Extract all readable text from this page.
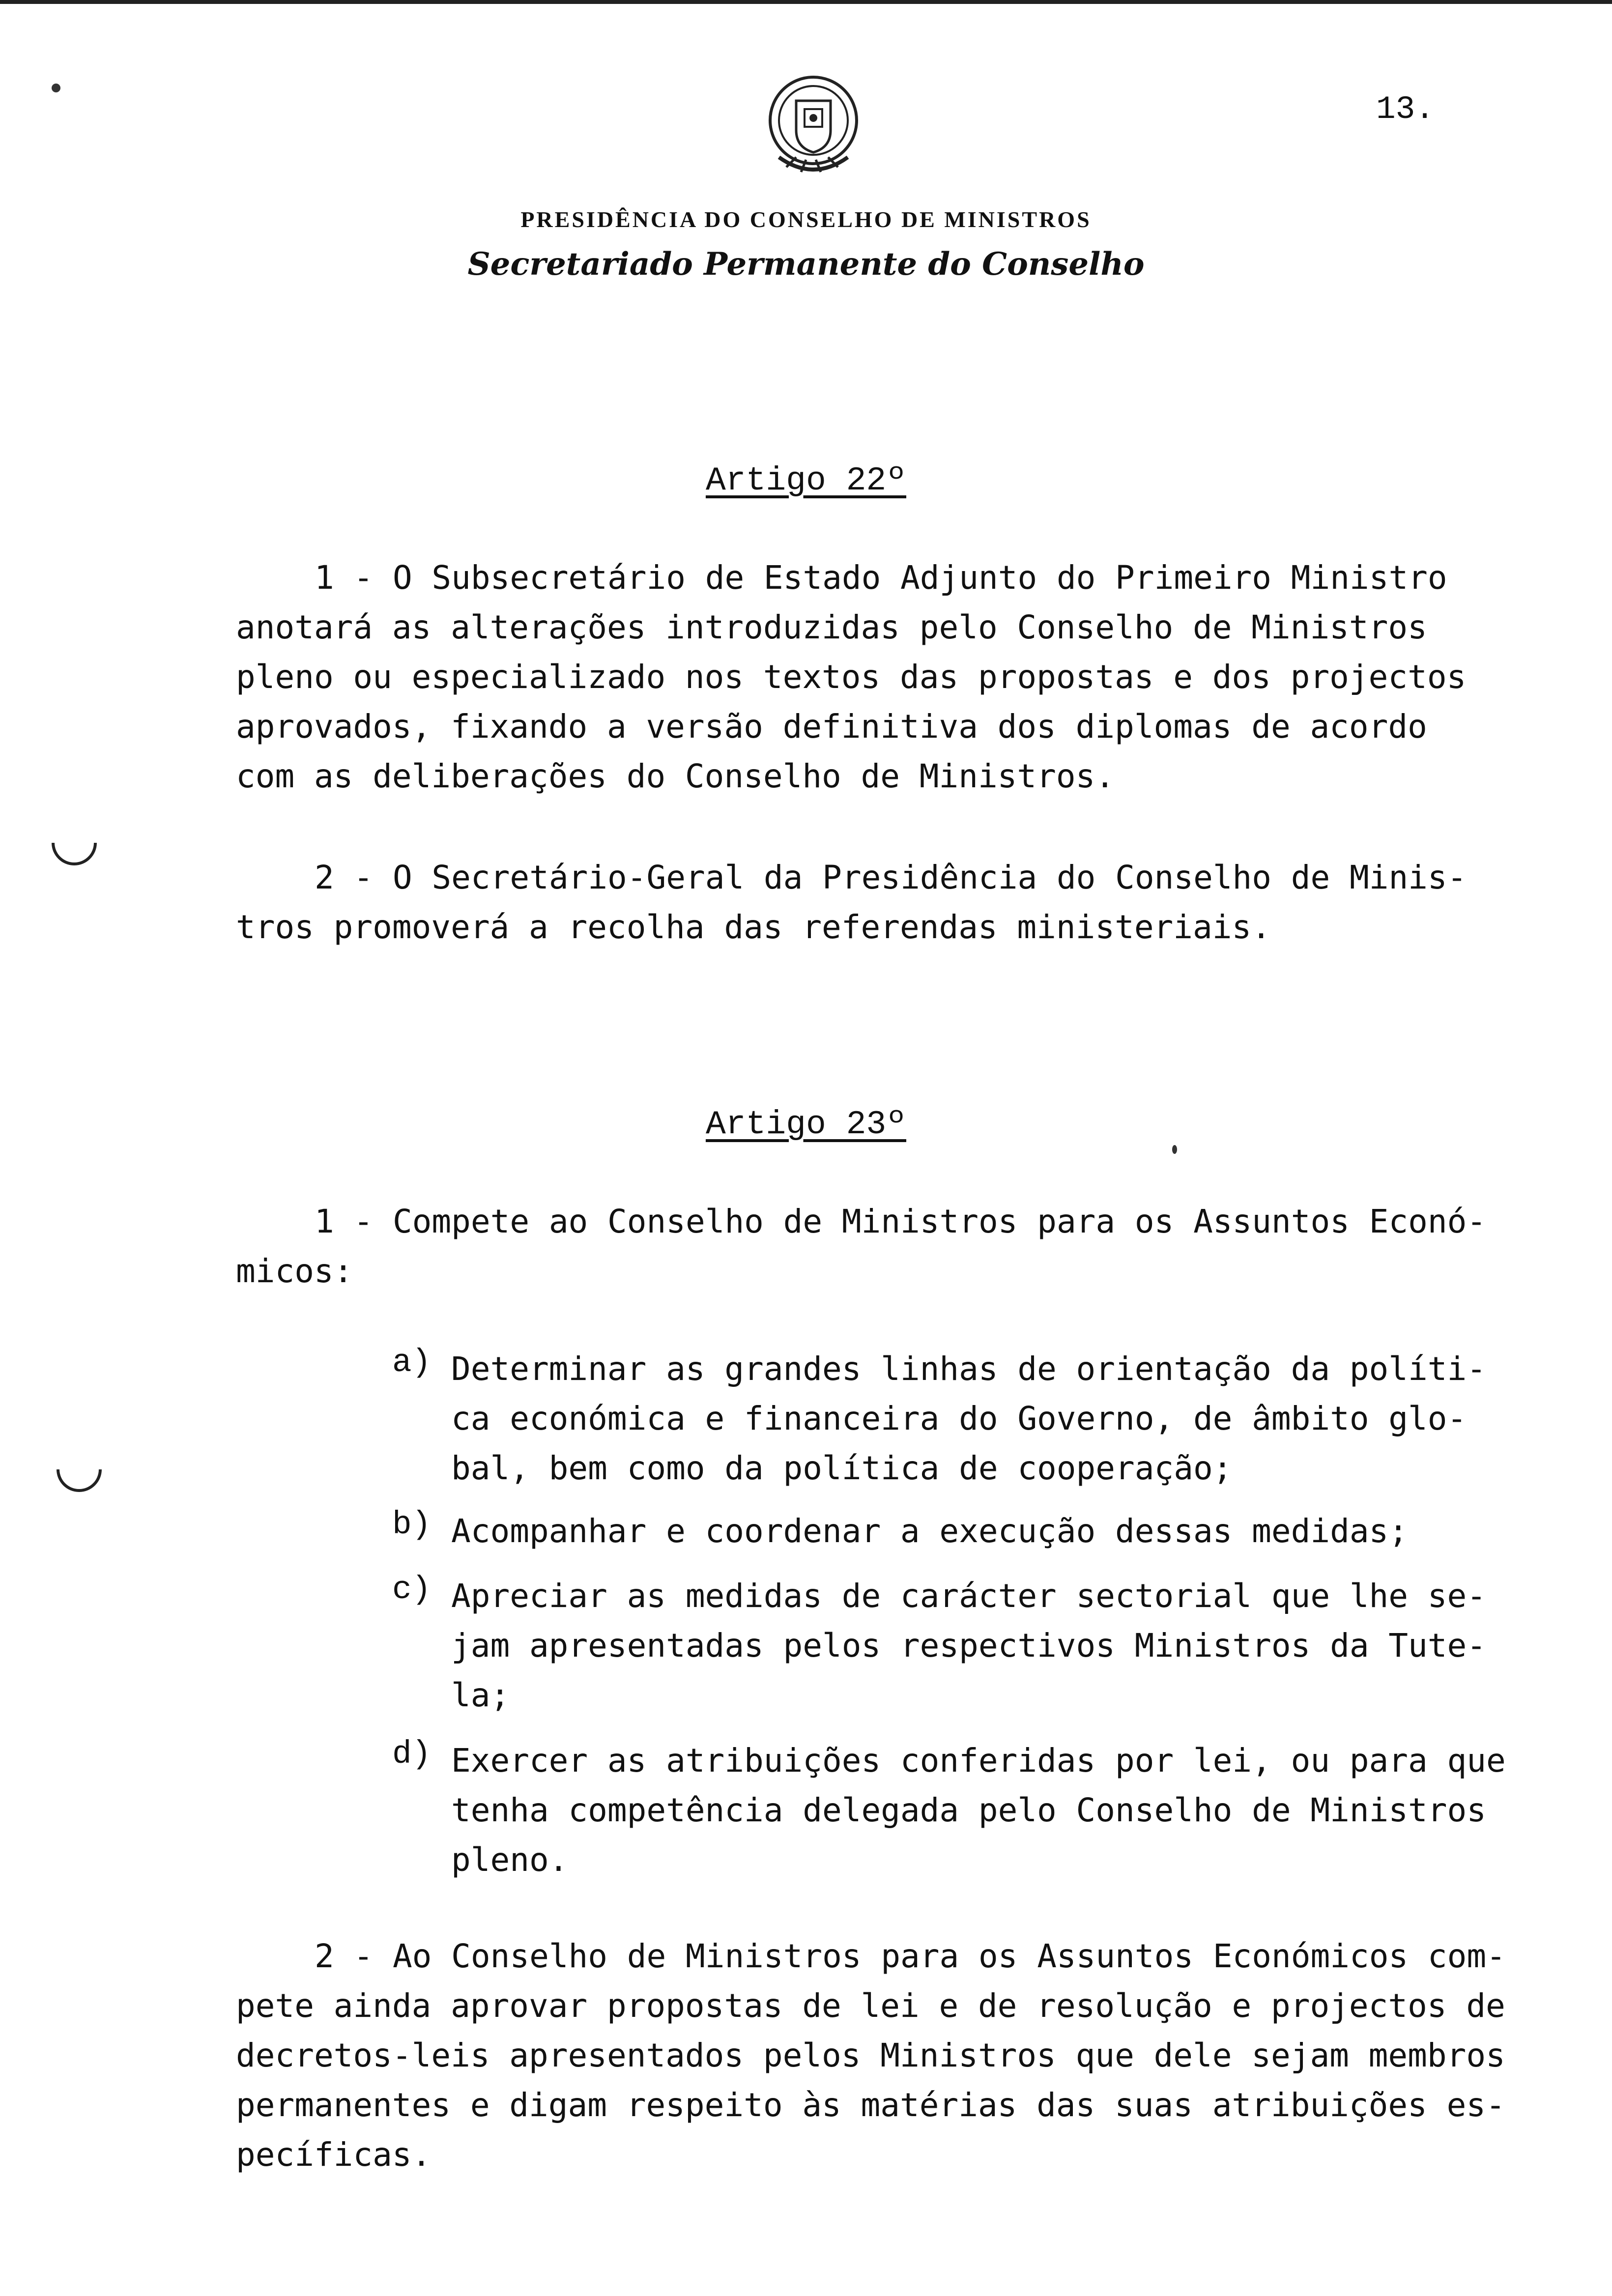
13.
PRESIDÊNCIA DO CONSELHO DE MINISTROS
Secretariado Permanente do Conselho
Artigo 22º
1 - O Subsecretário de Estado Adjunto do Primeiro Ministro
anotará as alterações introduzidas pelo Conselho de Ministros
pleno ou especializado nos textos das propostas e dos projectos
aprovados, fixando a versão definitiva dos diplomas de acordo
com as deliberações do Conselho de Ministros.
2 - O Secretário-Geral da Presidência do Conselho de Minis-
tros promoverá a recolha das referendas ministeriais.
Artigo 23º
1 - Compete ao Conselho de Ministros para os Assuntos Econó-
micos:
a) Determinar as grandes linhas de orientação da políti-
ca económica e financeira do Governo, de âmbito glo-
bal, bem como da política de cooperação;
b) Acompanhar e coordenar a execução dessas medidas;
c) Apreciar as medidas de carácter sectorial que lhe se-
jam apresentadas pelos respectivos Ministros da Tute-
la;
d) Exercer as atribuições conferidas por lei, ou para que
tenha competência delegada pelo Conselho de Ministros
pleno.
2 - Ao Conselho de Ministros para os Assuntos Económicos com-
pete ainda aprovar propostas de lei e de resolução e projectos de
decretos-leis apresentados pelos Ministros que dele sejam membros
permanentes e digam respeito às matérias das suas atribuições es-
pecíficas.
